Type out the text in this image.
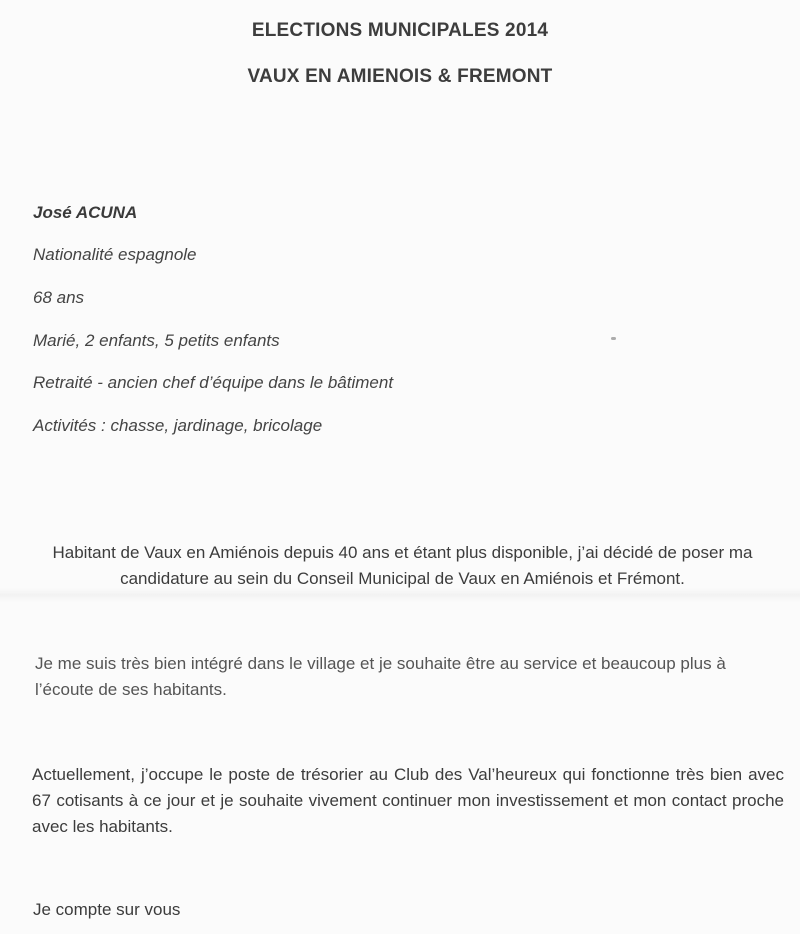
ELECTIONS MUNICIPALES 2014
VAUX EN AMIENOIS & FREMONT
José ACUNA
Nationalité espagnole
68 ans
Marié, 2 enfants, 5 petits enfants
Retraité - ancien chef d’équipe dans le bâtiment
Activités : chasse, jardinage, bricolage
Habitant de Vaux en Amiénois depuis 40 ans et étant plus disponible, j’ai décidé de poser ma candidature au sein du Conseil Municipal de Vaux en Amiénois et Frémont.
Je me suis très bien intégré dans le village et je souhaite être au service et beaucoup plus à l’écoute de ses habitants.
Actuellement, j’occupe le poste de trésorier au Club des Val’heureux qui fonctionne très bien avec 67 cotisants à ce jour et je souhaite vivement continuer mon investissement et mon contact proche avec les habitants.
Je compte sur vous
